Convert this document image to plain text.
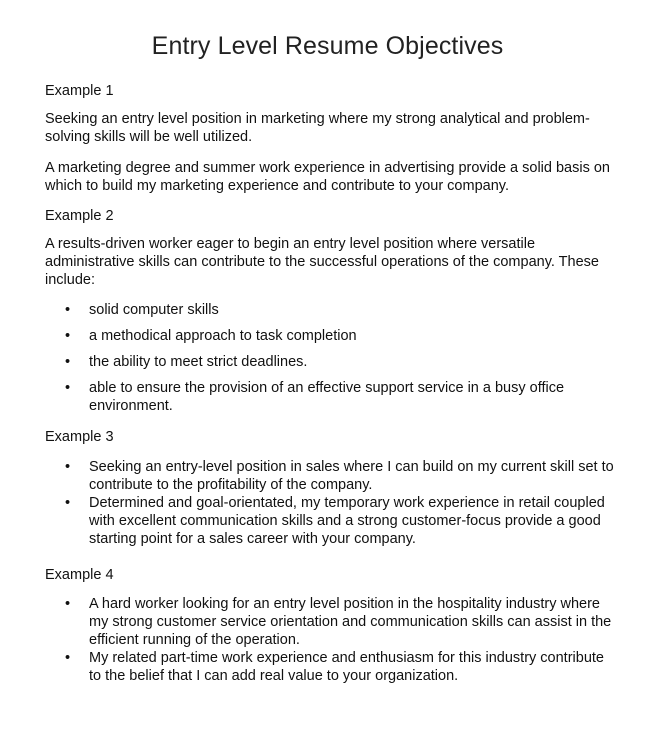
Entry Level Resume Objectives
Example 1

Seeking an entry level position in marketing where my strong analytical and problem-solving skills will be well utilized.

A marketing degree and summer work experience in advertising provide a solid basis on which to build my marketing experience and contribute to your company.

Example 2

A results-driven worker eager to begin an entry level position where versatile administrative skills can contribute to the successful operations of the company. These include:

• solid computer skills
• a methodical approach to task completion
• the ability to meet strict deadlines.
• able to ensure the provision of an effective support service in a busy office environment.
Example 3
• Seeking an entry-level position in sales where I can build on my current skill set to contribute to the profitability of the company.
• Determined and goal-orientated, my temporary work experience in retail coupled with excellent communication skills and a strong customer-focus provide a good starting point for a sales career with your company.
Example 4
• A hard worker looking for an entry level position in the hospitality industry where my strong customer service orientation and communication skills can assist in the efficient running of the operation.
• My related part-time work experience and enthusiasm for this industry contribute to the belief that I can add real value to your organization.
